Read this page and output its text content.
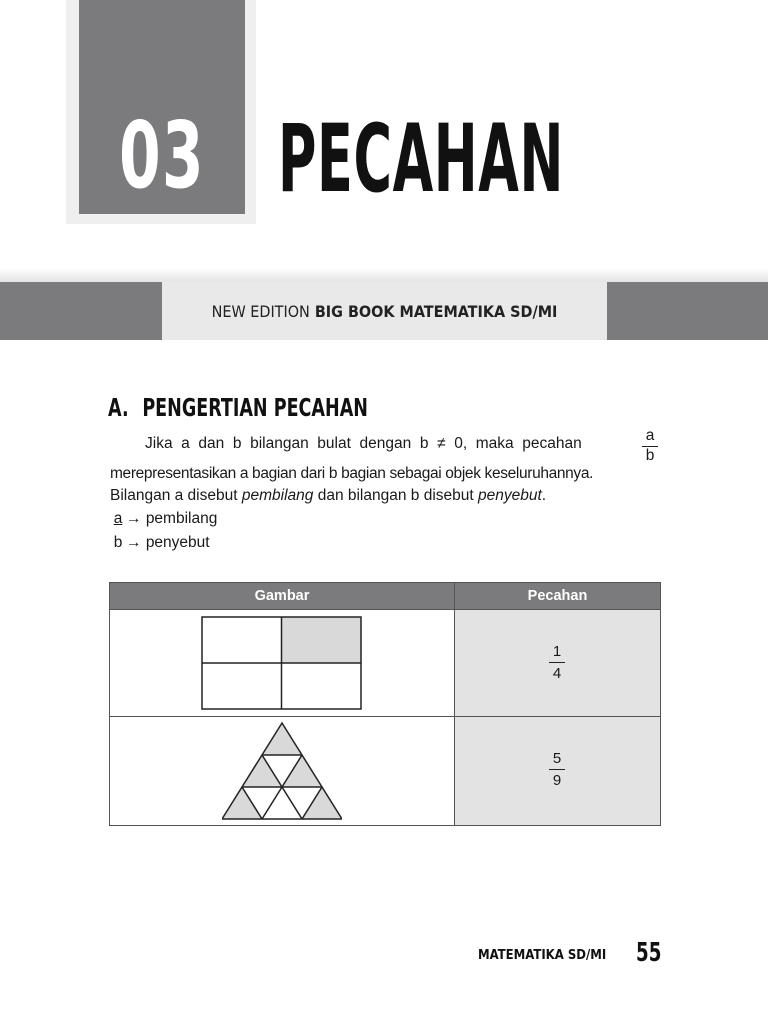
03 PECAHAN
NEW EDITION BIG BOOK MATEMATIKA SD/MI
A. PENGERTIAN PECAHAN
Jika a dan b bilangan bulat dengan b ≠ 0, maka pecahan	$\frac{a}{b}$
merepresentasikan a bagian dari b bagian sebagai objek keseluruhannya.
Bilangan a disebut pembilang dan bilangan b disebut penyebut.
a → pembilang
b → penyebut
Gambar	Pecahan
$\frac{1}{4}$
$\frac{5}{9}$
MATEMATIKA SD/MI 55
